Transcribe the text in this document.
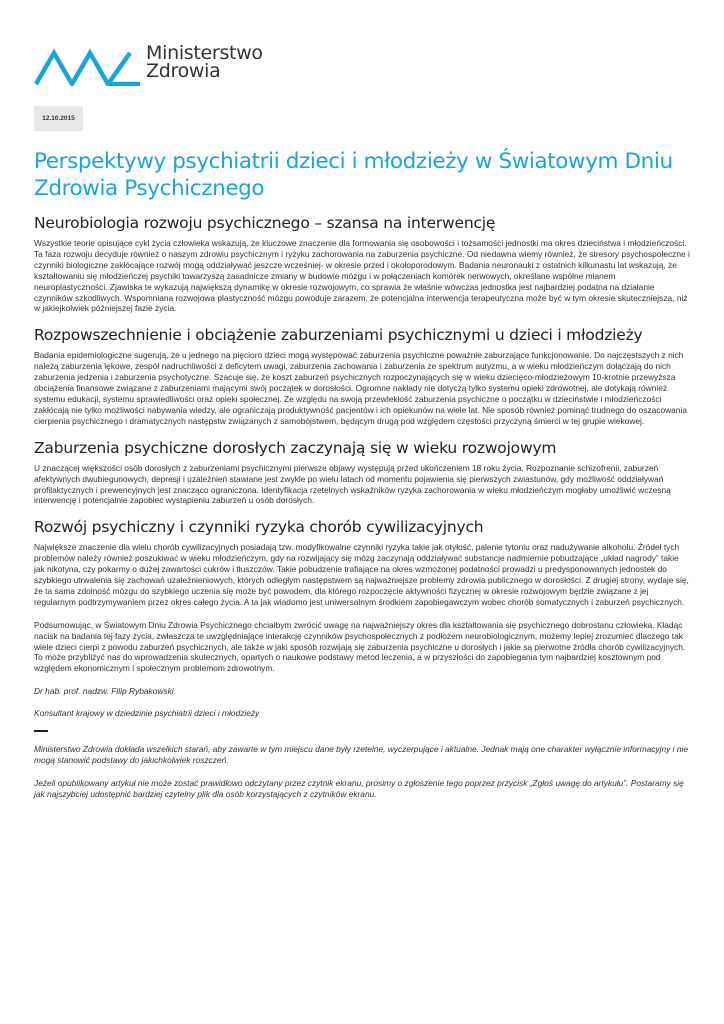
Ministerstwo
Zdrowia
12.10.2015
Perspektywy psychiatrii dzieci i młodzieży w Światowym Dniu Zdrowia Psychicznego
Neurobiologia rozwoju psychicznego – szansa na interwencję

Wszystkie teorie opisujące cykl życia człowieka wskazują, że kluczowe znaczenie dla formowania się osobowości i tożsamości jednostki ma okres dzieciństwa i młodzieńczości. Ta faza rozwoju decyduje również o naszym zdrowiu psychicznym i ryzyku zachorowania na zaburzenia psychiczne. Od niedawna wiemy również, że stresory psychospołeczne i czynniki biologiczne zakłócające rozwój mogą oddziaływać jeszcze wcześniej- w okresie przed i okołoporodowym. Badania neuronauki z ostatnich kilkunastu lat wskazują, że kształtowaniu się młodzieńczej psychiki towarzyszą zasadnicze zmiany w budowie mózgu i w połączeniach komórek nerwowych, określane wspólne mianem neuroplastyczności. Zjawiska te wykazują największą dynamikę w okresie rozwojowym, co sprawia że właśnie wówczas jednostka jest najbardziej podatna na działanie czynników szkodliwych. Wspomniana rozwojowa plastyczność mózgu powoduje zarazem, że potencjalna interwencja terapeutyczna może być w tym okresie skuteczniejsza, niż w jakiejkolwiek późniejszej fazie życia.

Rozpowszechnienie i obciążenie zaburzeniami psychicznymi u dzieci i młodzieży

Badania epidemiologiczne sugerują, że u jednego na pięcioro dzieci mogą występować zaburzenia psychiczne poważnie zaburzające funkcjonowanie. Do najczęstszych z nich należą zaburzenia lękowe, zespół nadruchliwości z deficytem uwagi, zaburzenia zachowania i zaburzenia ze spektrum autyzmu, a w wieku młodzieńczym dołączają do nich zaburzenia jedzenia i zaburzenia psychotyczne. Szacuje się, że koszt zaburzeń psychicznych rozpoczynających się w wieku dziecięco-młodzieżowym 10-krotnie przewyższa obciążenia finansowe związane z zaburzeniami mającymi swój początek w dorosłości. Ogromne nakłady nie dotyczą tylko systemu opieki zdrowotnej, ale dotykają również systemu edukacji, systemu sprawiedliwości oraz opieki społecznej. Ze względu na swoją przewlekłość zaburzenia psychiczne o początku w dzieciństwie i młodzieńczości zakłócają nie tylko możliwości nabywania wiedzy, ale ograniczają produktywność pacjentów i ich opiekunów na wiele lat. Nie sposób również pominąć trudnego do oszacowania cierpienia psychicznego i dramatycznych następstw związanych z samobójstwem, będącym drugą pod względem częstości przyczyną śmierci w tej grupie wiekowej.

Zaburzenia psychiczne dorosłych zaczynają się w wieku rozwojowym

U znaczącej większości osób dorosłych z zaburzeniami psychicznymi pierwsze objawy występują przed ukończeniem 18 roku życia. Rozpoznanie schizofrenii, zaburzeń afektywnych dwubiegunowych, depresji i uzależnień stawiane jest zwykle po wielu latach od momentu pojawienia się pierwszych zwiastunów, gdy możliwość oddziaływań profilaktycznych i prewencyjnych jest znacząco ograniczona. Identyfikacja rzetelnych wskaźników ryzyka zachorowania w wieku młodzieńczym mogłaby umożliwić wczesną interwencję i potencjalnie zapobiec wystąpieniu zaburzeń u osób dorosłych.

Rozwój psychiczny i czynniki ryzyka chorób cywilizacyjnych

Największe znaczenie dla wielu chorób cywilizacyjnych posiadają tzw. modyfikowalne czynniki ryzyka takie jak otyłość, palenie tytoniu oraz nadużywanie alkoholu. Źródeł tych problemów należy również poszukiwać w wieku młodzieńczym, gdy na rozwijający się mózg zaczynają oddziaływać substancje nadmiernie pobudzające „układ nagrody” takie jak nikotyna, czy pokarmy o dużej zawartości cukrów i tłuszczów. Takie pobudzenie trafiające na okres wzmożonej podatności prowadzi u predysponowanych jednostek do szybkiego utrwalenia się zachowań uzależnieniowych, których odległym następstwem są najważniejsze problemy zdrowia publicznego w dorosłości. Z drugiej strony, wydaje się, że ta sama zdolność mózgu do szybkiego uczenia się może być powodem, dla którego rozpoczęcie aktywności fizycznej w okresie rozwojowym będzie związane z jej regularnym podtrzymywaniem przez okres całego życia. A ta jak wiadomo jest uniwersalnym środkiem zapobiegawczym wobec chorób somatycznych i zaburzeń psychicznych.

Podsumowując, w Światowym Dniu Zdrowia Psychicznego chciałbym zwrócić uwagę na najważniejszy okres dla kształtowania się psychicznego dobrostanu człowieka. Kładąc nacisk na badania tej fazy życia, zwłaszcza te uwzględniające interakcję czynników psychospołecznych z podłożem neurobiologicznym, możemy lepiej zrozumieć dlaczego tak wiele dzieci cierpi z powodu zaburzeń psychicznych, ale także w jaki sposób rozwijają się zaburzenia psychiczne u dorosłych i jakie są pierwotne źródła chorób cywilizacyjnych. To może przybliżyć nas do wprowadzenia skutecznych, opartych o naukowe podstawy metod leczenia, a w przyszłości do zapobiegania tym najbardziej kosztownym pod względem ekonomicznym i społecznym problemom zdrowotnym.

Dr hab. prof. nadzw. Filip Rybakowski

Konsultant krajowy w dziedzinie psychiatrii dzieci i młodzieży

Ministerstwo Zdrowia dokłada wszelkich starań, aby zawarte w tym miejscu dane były rzetelne, wyczerpujące i aktualne. Jednak mają one charakter wyłącznie informacyjny i nie mogą stanowić podstawy do jakichkolwiek roszczeń.

Jeżeli opublikowany artykuł nie może zostać prawidłowo odczytany przez czytnik ekranu, prosimy o zgłoszenie tego poprzez przycisk „Zgłoś uwagę do artykułu”. Postaramy się jak najszybciej udostępnić bardziej czytelny plik dla osób korzystających z czytników ekranu.
